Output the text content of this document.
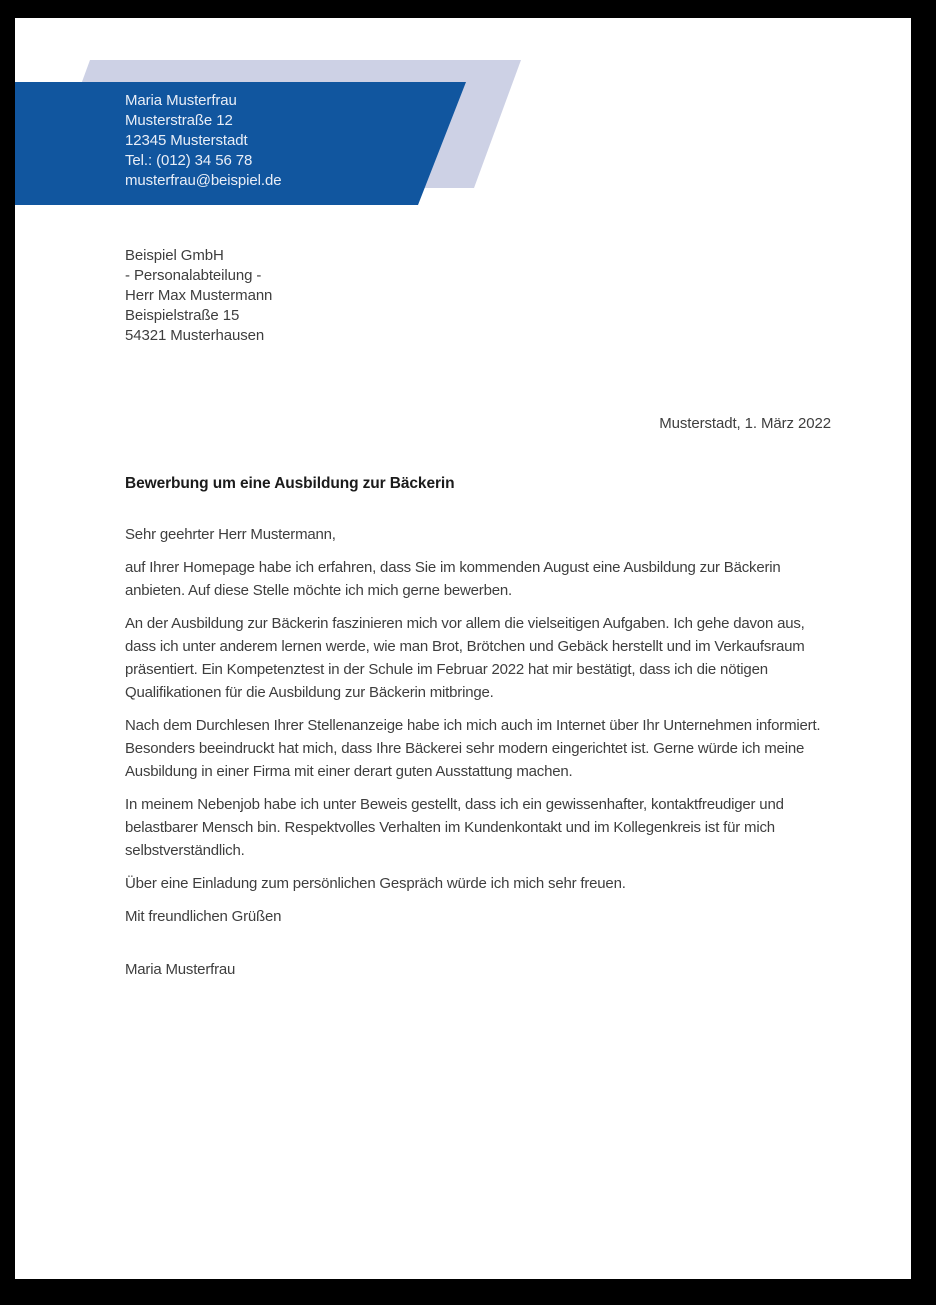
Maria Musterfrau
Musterstraße 12
12345 Musterstadt
Tel.: (012) 34 56 78
musterfrau@beispiel.de
Beispiel GmbH
- Personalabteilung -
Herr Max Mustermann
Beispielstraße 15
54321 Musterhausen
Musterstadt, 1. März 2022
Bewerbung um eine Ausbildung zur Bäckerin

Sehr geehrter Herr Mustermann,

auf Ihrer Homepage habe ich erfahren, dass Sie im kommenden August eine Ausbildung zur Bäckerin anbieten. Auf diese Stelle möchte ich mich gerne bewerben.

An der Ausbildung zur Bäckerin faszinieren mich vor allem die vielseitigen Aufgaben. Ich gehe davon aus, dass ich unter anderem lernen werde, wie man Brot, Brötchen und Gebäck herstellt und im Verkaufsraum präsentiert. Ein Kompetenztest in der Schule im Februar 2022 hat mir bestätigt, dass ich die nötigen Qualifikationen für die Ausbildung zur Bäckerin mitbringe.

Nach dem Durchlesen Ihrer Stellenanzeige habe ich mich auch im Internet über Ihr Unternehmen informiert. Besonders beeindruckt hat mich, dass Ihre Bäckerei sehr modern eingerichtet ist. Gerne würde ich meine Ausbildung in einer Firma mit einer derart guten Ausstattung machen.

In meinem Nebenjob habe ich unter Beweis gestellt, dass ich ein gewissenhafter, kontaktfreudiger und belastbarer Mensch bin. Respektvolles Verhalten im Kundenkontakt und im Kollegenkreis ist für mich selbstverständlich.

Über eine Einladung zum persönlichen Gespräch würde ich mich sehr freuen.

Mit freundlichen Grüßen

Maria Musterfrau
